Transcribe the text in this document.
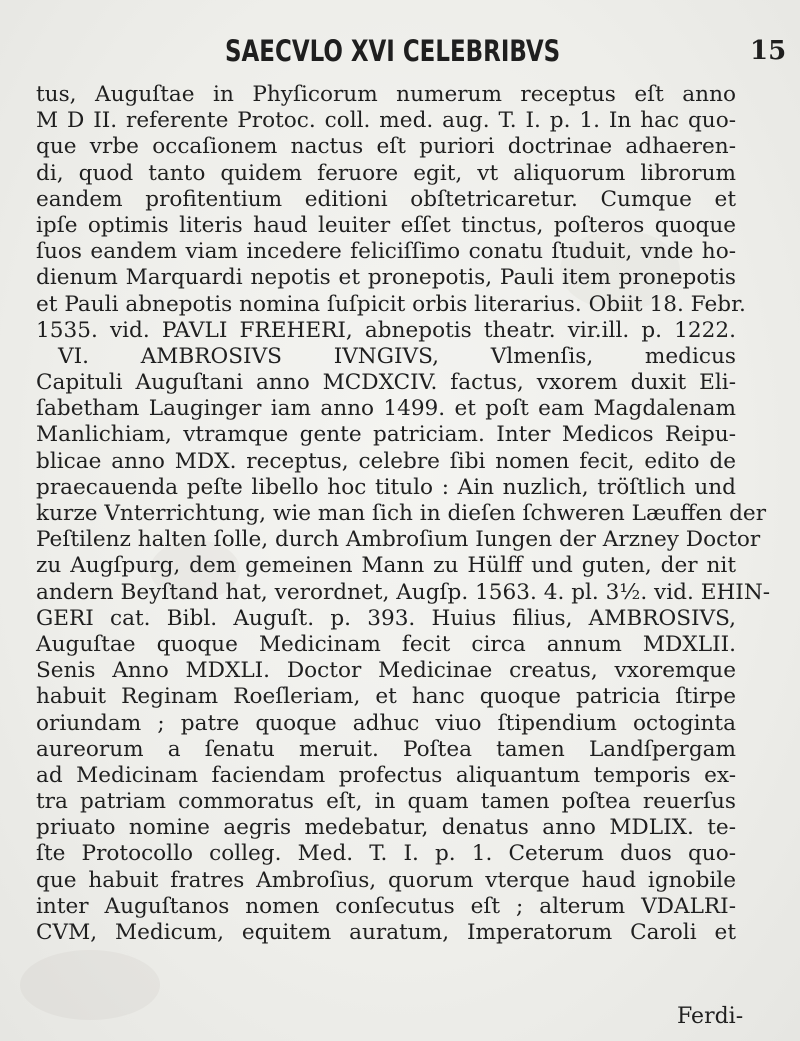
SAECVLO XVI CELEBRIBVS	15
tus, Auguſtae in Phyſicorum numerum receptus eſt anno
M D II. referente Protoc. coll. med. aug. T. I. p. 1. In hac quo-
que vrbe occaſionem nactus eſt puriori doctrinae adhaeren-
di, quod tanto quidem feruore egit, vt aliquorum librorum
eandem profitentium editioni obſtetricaretur. Cumque et
ipſe optimis literis haud leuiter eſſet tinctus, poſteros quoque
ſuos eandem viam incedere feliciſſimo conatu ſtuduit, vnde ho-
dienum Marquardi nepotis et pronepotis, Pauli item pronepotis
et Pauli abnepotis nomina ſuſpicit orbis literarius. Obiit 18. Febr.
1535. vid. PAVLI FREHERI, abnepotis theatr. vir.ill. p. 1222.
VI. AMBROSIVS IVNGIVS, Vlmenſis, medicus
Capituli Auguſtani anno MCDXCIV. factus, vxorem duxit Eli-
ſabetham Lauginger iam anno 1499. et poſt eam Magdalenam
Manlichiam, vtramque gente patriciam. Inter Medicos Reipu-
blicae anno MDX. receptus, celebre ſibi nomen fecit, edito de
praecauenda peſte libello hoc titulo : Ain nuzlich, tröſtlich und
kurze Vnterrichtung, wie man ſich in dieſen ſchweren Læuffen der
Peſtilenz halten ſolle, durch Ambroſium Iungen der Arzney Doctor
zu Augſpurg, dem gemeinen Mann zu Hülff und guten, der nit
andern Beyſtand hat, verordnet, Augſp. 1563. 4. pl. 3½. vid. EHIN-
GERI cat. Bibl. Auguſt. p. 393. Huius filius, AMBROSIVS,
Auguſtae quoque Medicinam fecit circa annum MDXLII.
Senis Anno MDXLI. Doctor Medicinae creatus, vxoremque
habuit Reginam Roeſleriam, et hanc quoque patricia ſtirpe
oriundam ; patre quoque adhuc viuo ſtipendium octoginta
aureorum a ſenatu meruit. Poſtea tamen Landſpergam
ad Medicinam faciendam profectus aliquantum temporis ex-
tra patriam commoratus eſt, in quam tamen poſtea reuerſus
priuato nomine aegris medebatur, denatus anno MDLIX. te-
ſte Protocollo colleg. Med. T. I. p. 1. Ceterum duos quo-
que habuit fratres Ambroſius, quorum vterque haud ignobile
inter Auguſtanos nomen conſecutus eſt ; alterum VDALRI-
CVM, Medicum, equitem auratum, Imperatorum Caroli et
Ferdi-
